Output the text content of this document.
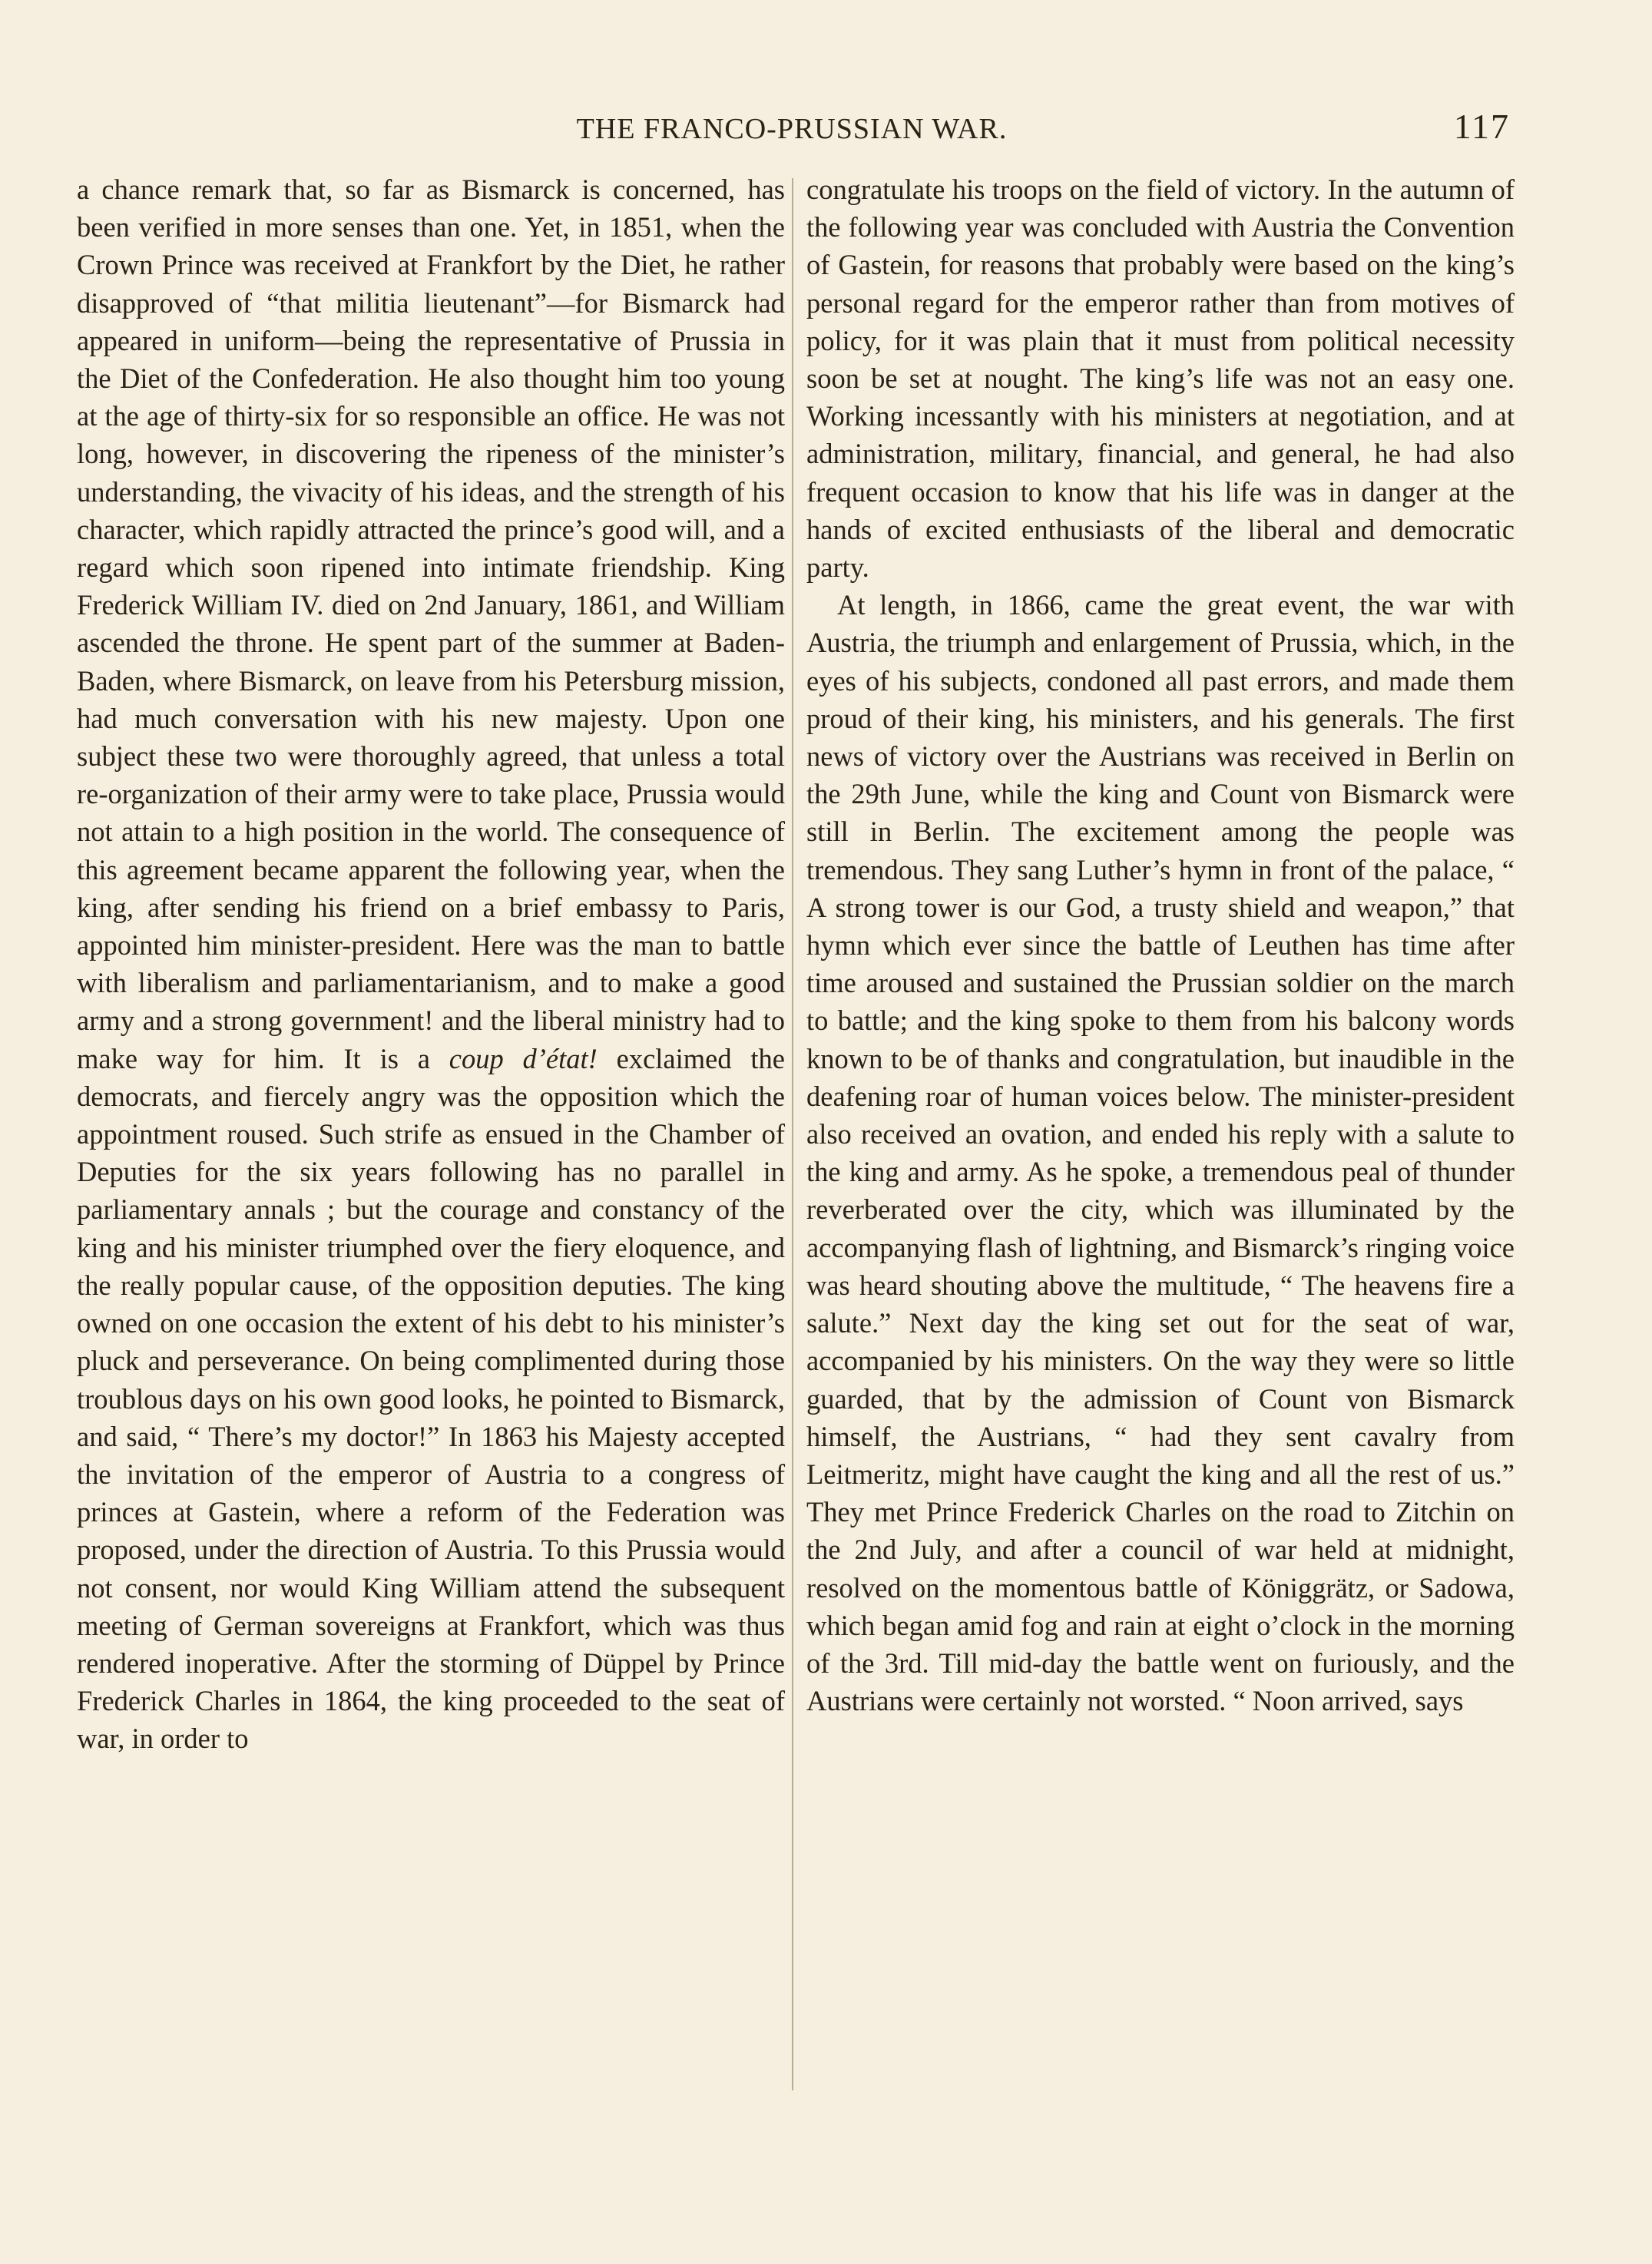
THE FRANCO-PRUSSIAN WAR.	117

a chance remark that, so far as Bismarck is concerned, has been verified in more senses than one. Yet, in 1851, when the Crown Prince was received at Frankfort by the Diet, he rather disapproved of “that militia lieutenant”—for Bismarck had appeared in uniform—being the representative of Prussia in the Diet of the Confederation. He also thought him too young at the age of thirty-six for so responsible an office. He was not long, however, in discovering the ripeness of the minister’s understanding, the vivacity of his ideas, and the strength of his character, which rapidly attracted the prince’s good will, and a regard which soon ripened into intimate friendship. King Frederick William IV. died on 2nd January, 1861, and William ascended the throne. He spent part of the summer at Baden-Baden, where Bismarck, on leave from his Petersburg mission, had much conversation with his new majesty. Upon one subject these two were thoroughly agreed, that unless a total re-organization of their army were to take place, Prussia would not attain to a high position in the world. The consequence of this agreement became apparent the following year, when the king, after sending his friend on a brief embassy to Paris, appointed him minister-president. Here was the man to battle with liberalism and parliamentarianism, and to make a good army and a strong government! and the liberal ministry had to make way for him. It is a coup d’état! exclaimed the democrats, and fiercely angry was the opposition which the appointment roused. Such strife as ensued in the Chamber of Deputies for the six years following has no parallel in parliamentary annals ; but the courage and constancy of the king and his minister triumphed over the fiery eloquence, and the really popular cause, of the opposition deputies. The king owned on one occasion the extent of his debt to his minister’s pluck and perseverance. On being complimented during those troublous days on his own good looks, he pointed to Bismarck, and said, “ There’s my doctor!” In 1863 his Majesty accepted the invitation of the emperor of Austria to a congress of princes at Gastein, where a reform of the Federation was proposed, under the direction of Austria. To this Prussia would not consent, nor would King William attend the subsequent meeting of German sovereigns at Frankfort, which was thus rendered inoperative. After the storming of Düppel by Prince Frederick Charles in 1864, the king proceeded to the seat of war, in order to

congratulate his troops on the field of victory. In the autumn of the following year was concluded with Austria the Convention of Gastein, for reasons that probably were based on the king’s personal regard for the emperor rather than from motives of policy, for it was plain that it must from political necessity soon be set at nought. The king’s life was not an easy one. Working incessantly with his ministers at negotiation, and at administration, military, financial, and general, he had also frequent occasion to know that his life was in danger at the hands of excited enthusiasts of the liberal and democratic party.

At length, in 1866, came the great event, the war with Austria, the triumph and enlargement of Prussia, which, in the eyes of his subjects, condoned all past errors, and made them proud of their king, his ministers, and his generals. The first news of victory over the Austrians was received in Berlin on the 29th June, while the king and Count von Bismarck were still in Berlin. The excitement among the people was tremendous. They sang Luther’s hymn in front of the palace, “ A strong tower is our God, a trusty shield and weapon,” that hymn which ever since the battle of Leuthen has time after time aroused and sustained the Prussian soldier on the march to battle; and the king spoke to them from his balcony words known to be of thanks and congratulation, but inaudible in the deafening roar of human voices below. The minister-president also received an ovation, and ended his reply with a salute to the king and army. As he spoke, a tremendous peal of thunder reverberated over the city, which was illuminated by the accompanying flash of lightning, and Bismarck’s ringing voice was heard shouting above the multitude, “ The heavens fire a salute.” Next day the king set out for the seat of war, accompanied by his ministers. On the way they were so little guarded, that by the admission of Count von Bismarck himself, the Austrians, “ had they sent cavalry from Leitmeritz, might have caught the king and all the rest of us.” They met Prince Frederick Charles on the road to Zitchin on the 2nd July, and after a council of war held at midnight, resolved on the momentous battle of Königgrätz, or Sadowa, which began amid fog and rain at eight o’clock in the morning of the 3rd. Till mid-day the battle went on furiously, and the Austrians were certainly not worsted. “ Noon arrived, says
